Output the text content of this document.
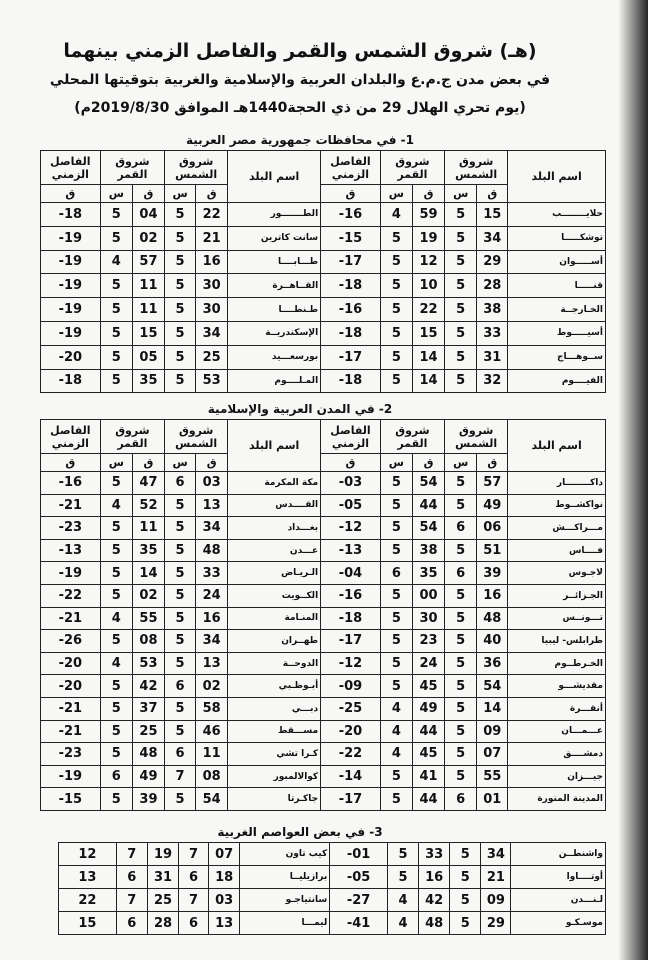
(هـ) شروق الشمس والقمر والفاصل الزمني بينهما
في بعض مدن ج.م.ع والبلدان العربية والإسلامية والغربية بتوقيتها المحلي
(يوم تحري الهلال 29 من ذي الحجة1440هـ الموافق 2019/8/30م)
1- في محافظات جمهورية مصر العربية
اسم البلد	شروق الشمس		شروق القمر		الفاصل الزمني	اسم البلد	شروق الشمس		شروق القمر		الفاصل الزمني
	ق	س	ق	س	ق		ق	س	ق	س	ق
حلايــــــــب	15	5	59	4	16-	الطـــــــور	22	5	04	5	18-
توشكـــــا	34	5	19	5	15-	سانت كاترين	21	5	02	5	19-
أســـــوان	29	5	12	5	17-	طـــابــــا	16	5	57	4	19-
قنـــــا	28	5	10	5	18-	القــاهــرة	30	5	11	5	19-
الخـارجــة	38	5	22	5	16-	طـنطــــا	30	5	11	5	19-
أسيـــــوط	33	5	15	5	18-	الإسكندريــة	34	5	15	5	19-
ســوهـــاج	31	5	14	5	17-	بورسعـــيد	25	5	05	5	20-
الفيــــوم	32	5	14	5	18-	المـلــــوم	53	5	35	5	18-
2- في المدن العربية والإسلامية
اسم البلد	شروق الشمس		شروق القمر		الفاصل الزمني	اسم البلد	شروق الشمس		شروق القمر		الفاصل الزمني
	ق	س	ق	س	ق		ق	س	ق	س	ق
داكــــــــار	57	5	54	5	03-	مكة المكرمة	03	6	47	5	16-
نواكشــوط	49	5	44	5	05-	القــــدس	13	5	52	4	21-
مـــراكـــش	06	6	54	5	12-	بغـــداد	34	5	11	5	23-
فــــاس	51	5	38	5	13-	عـــدن	48	5	35	5	13-
لاجـوس	39	6	35	6	04-	الـريـاض	33	5	14	5	19-
الجـزائــر	16	5	00	5	16-	الكــويت	24	5	02	5	22-
تـــونــس	48	5	30	5	18-	المنـامة	16	5	55	4	21-
طرابلس- ليبيا	40	5	23	5	17-	طهــران	34	5	08	5	26-
الخـرطــوم	36	5	24	5	12-	الدوحــة	13	5	53	4	20-
مقديشـــو	54	5	45	5	09-	أبـوظـبي	02	6	42	5	20-
أنقـــرة	14	5	49	4	25-	دبـــي	58	5	37	5	21-
عـــمـــان	09	5	44	4	20-	مســـقط	46	5	25	5	21-
دمشــــق	07	5	45	4	22-	كـرا تشي	11	6	48	5	23-
جيـــزان	55	5	41	5	14-	كوالالمبور	08	7	49	6	19-
المدينة المنورة	01	6	44	5	17-	جاكـرتا	54	5	39	5	15-
3- في بعض العواصم الغربية
واشنطــن	34	5	33	5	01-	كيب تاون	07	7	19	7	12
أوتــــاوا	21	5	16	5	05-	برازيليــا	18	6	31	6	13
لـنـــدن	09	5	42	4	27-	سانتياجـو	03	7	25	7	22
موسـكـو	29	5	48	4	41-	ليمـــا	13	6	28	6	15
